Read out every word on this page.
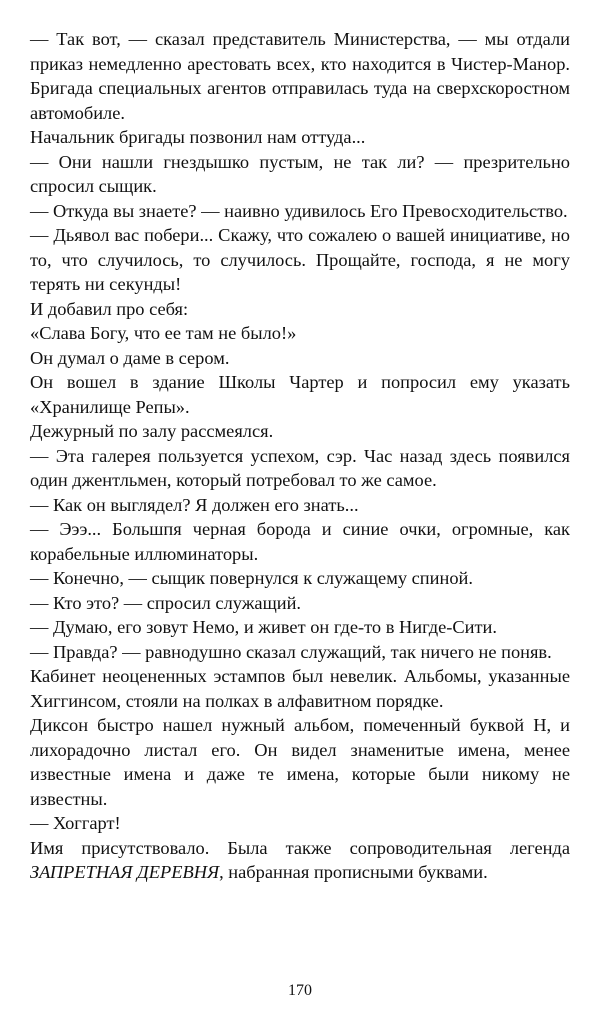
— Так вот, — сказал представитель Министерства, — мы отдали приказ немедленно арестовать всех, кто находится в Чистер-Манор. Бригада специальных агентов отправилась туда на сверхскоростном автомобиле.

Начальник бригады позвонил нам оттуда...

— Они нашли гнездышко пустым, не так ли? — презрительно спросил сыщик.

— Откуда вы знаете? — наивно удивилось Его Превосходительство.

— Дьявол вас побери... Скажу, что сожалею о вашей инициативе, но то, что случилось, то случилось. Прощайте, господа, я не могу терять ни секунды!

И добавил про себя:

«Слава Богу, что ее там не было!»

Он думал о даме в сером.

Он вошел в здание Школы Чартер и попросил ему указать «Хранилище Репы».

Дежурный по залу рассмеялся.

— Эта галерея пользуется успехом, сэр. Час назад здесь появился один джентльмен, который потребовал то же самое.

— Как он выглядел? Я должен его знать...

— Эээ... Большпя черная борода и синие очки, огромные, как корабельные иллюминаторы.

— Конечно, — сыщик повернулся к служащему спиной.

— Кто это? — спросил служащий.

— Думаю, его зовут Немо, и живет он где-то в Нигде-Сити.

— Правда? — равнодушно сказал служащий, так ничего не поняв.

Кабинет неоцененных эстампов был невелик. Альбомы, указанные Хиггинсом, стояли на полках в алфавитном порядке.

Диксон быстро нашел нужный альбом, помеченный буквой Н, и лихорадочно листал его. Он видел знаменитые имена, менее известные имена и даже те имена, которые были никому не известны.

— Хоггарт!

Имя присутствовало. Была также сопроводительная легенда ЗАПРЕТНАЯ ДЕРЕВНЯ, набранная прописными буквами.

170
